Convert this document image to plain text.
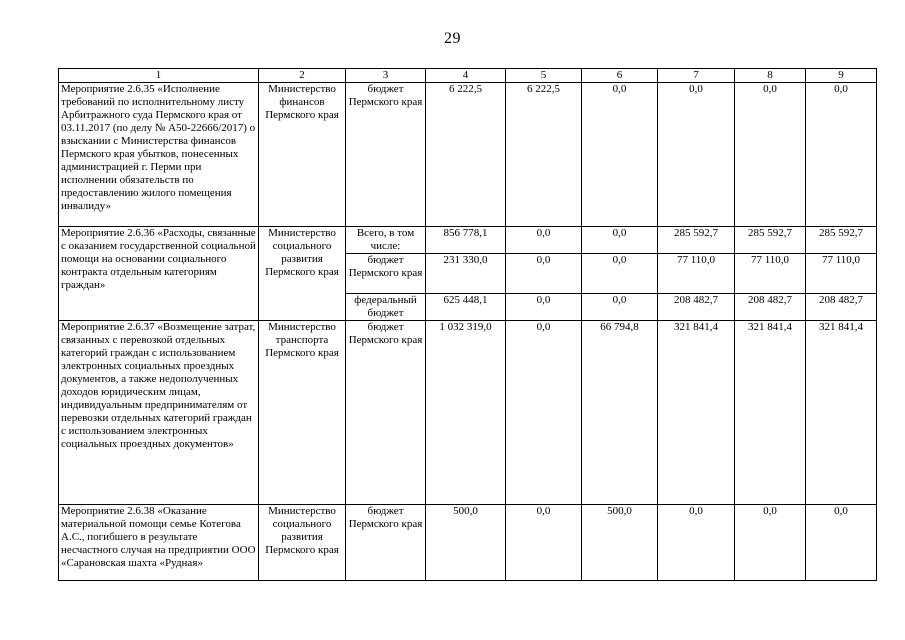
29
1	2	3	4	5	6	7	8	9
Мероприятие 2.6.35 «Исполнение требований по исполнительному листу Арбитражного суда Пермского края от 03.11.2017 (по делу № А50-22666/2017) о взыскании с Министерства финансов Пермского края убытков, понесенных администрацией г. Перми при исполнении обязательств по предоставлению жилого помещения инвалиду»	Министерство финансов Пермского края	бюджет Пермского края	6 222,5	6 222,5	0,0	0,0	0,0	0,0
Мероприятие 2.6.36 «Расходы, связанные с оказанием государственной социальной помощи на основании социального контракта отдельным категориям граждан»	Министерство социального развития Пермского края	Всего, в том числе:	856 778,1	0,0	0,0	285 592,7	285 592,7	285 592,7
		бюджет Пермского края	231 330,0	0,0	0,0	77 110,0	77 110,0	77 110,0
		федеральный бюджет	625 448,1	0,0	0,0	208 482,7	208 482,7	208 482,7
Мероприятие 2.6.37 «Возмещение затрат, связанных с перевозкой отдельных категорий граждан с использованием электронных социальных проездных документов, а также недополученных доходов юридическим лицам, индивидуальным предпринимателям от перевозки отдельных категорий граждан с использованием электронных социальных проездных документов»	Министерство транспорта Пермского края	бюджет Пермского края	1 032 319,0	0,0	66 794,8	321 841,4	321 841,4	321 841,4
Мероприятие 2.6.38 «Оказание материальной помощи семье Котегова А.С., погибшего в результате несчастного случая на предприятии ООО «Сарановская шахта «Рудная»	Министерство социального развития Пермского края	бюджет Пермского края	500,0	0,0	500,0	0,0	0,0	0,0
